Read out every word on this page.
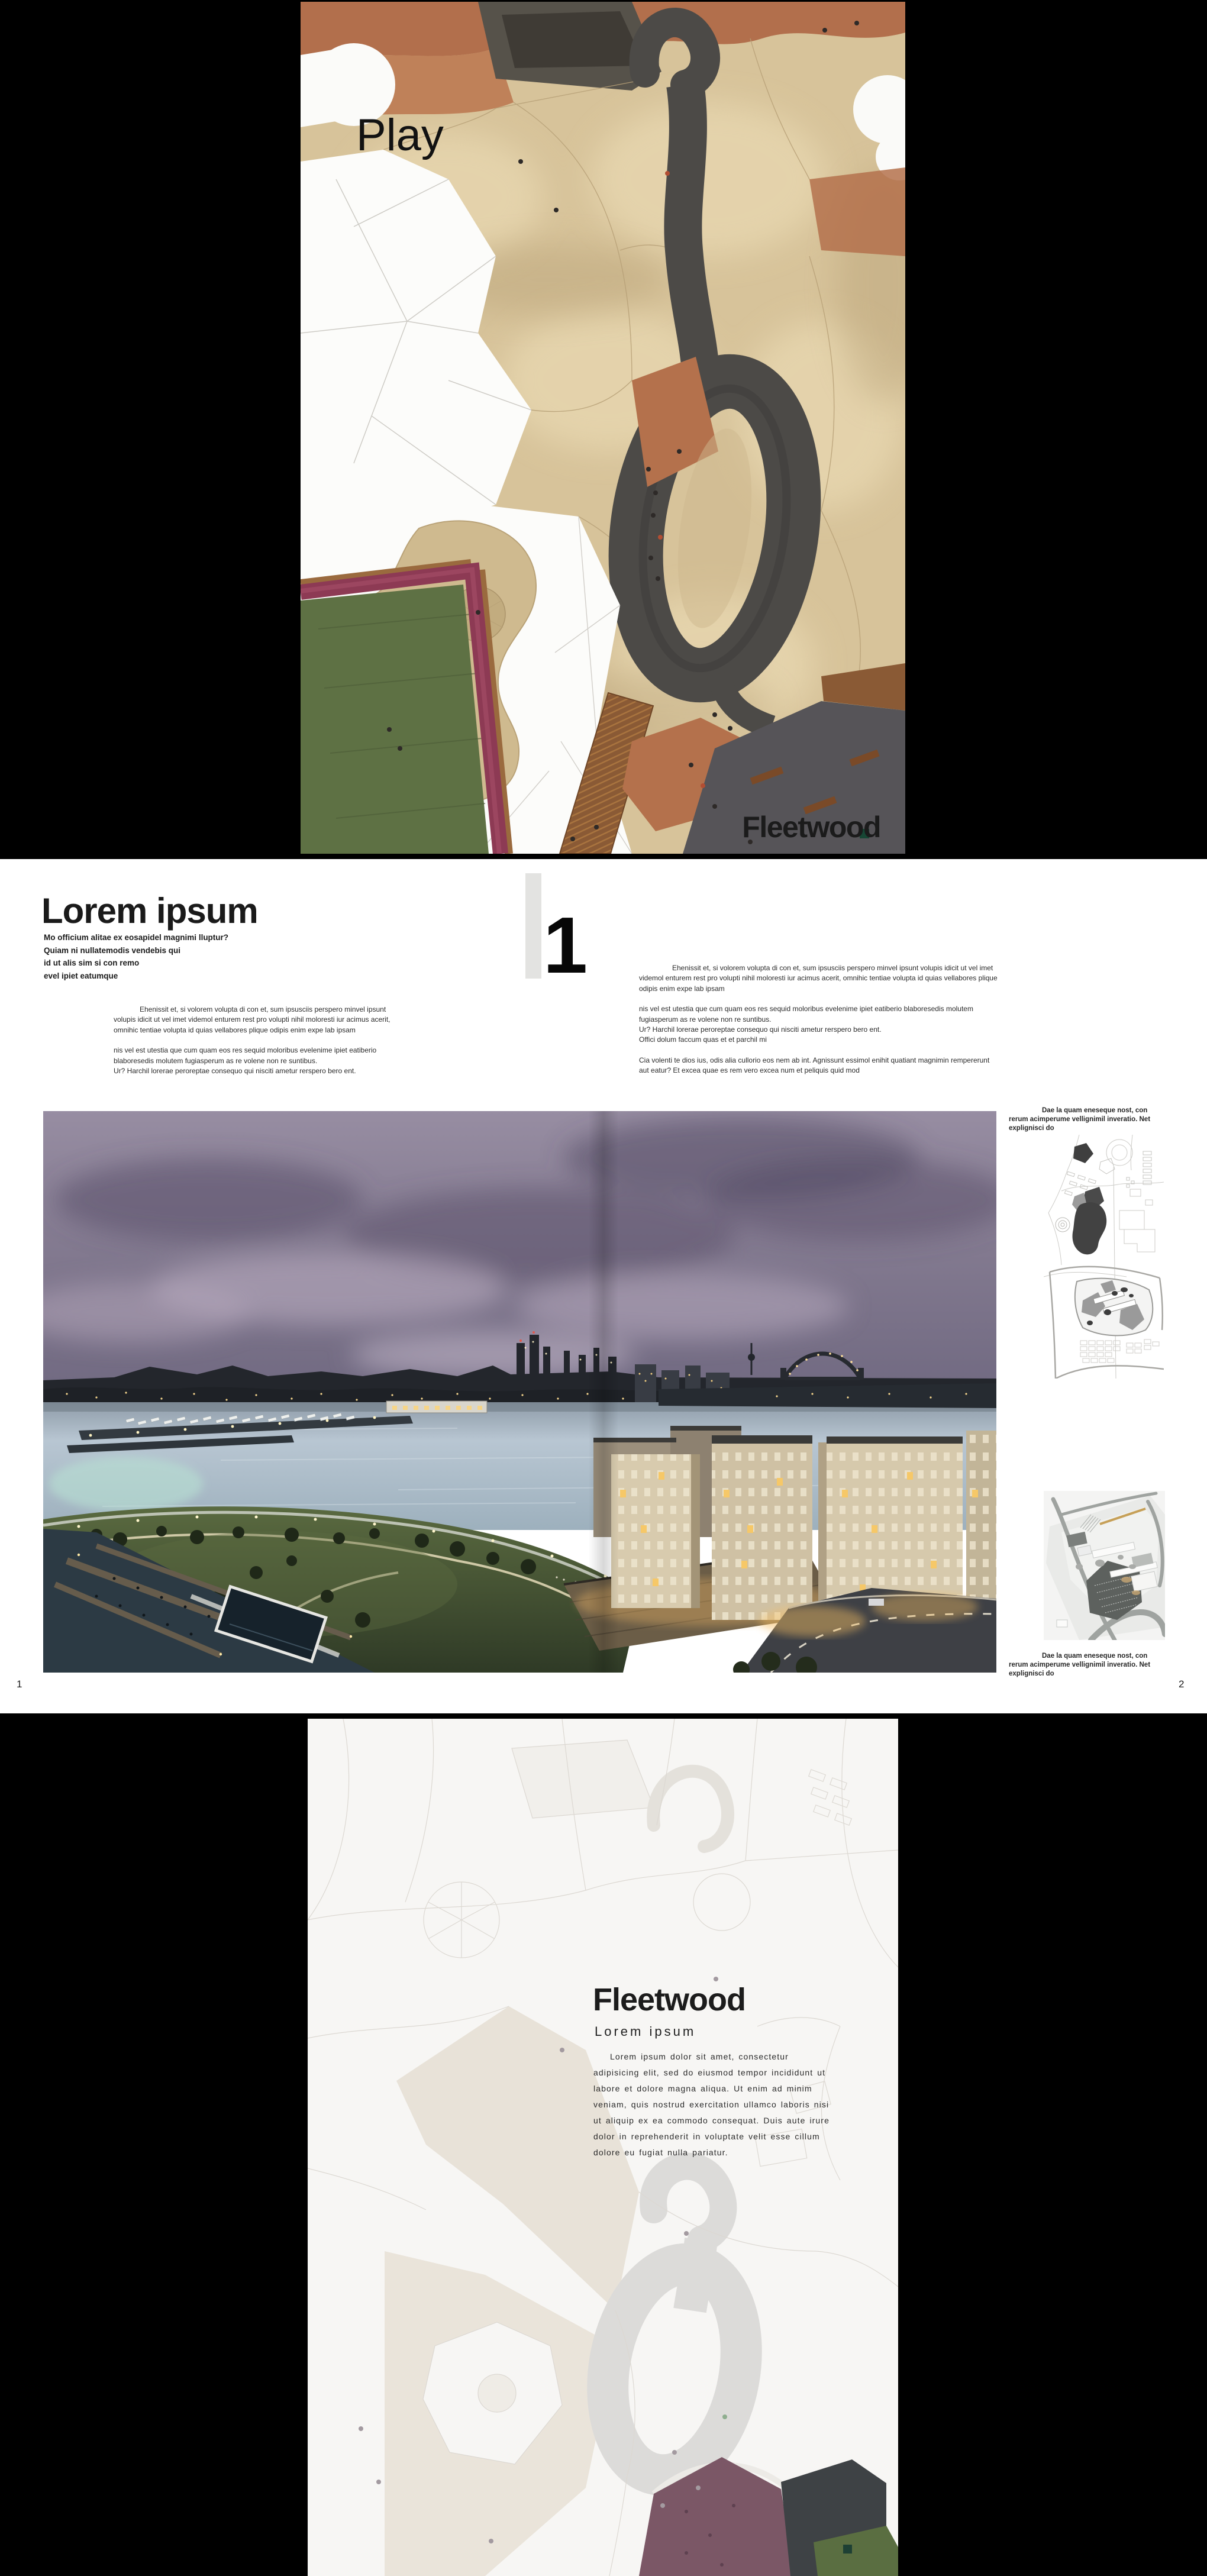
Play
Fleetwood
Lorem ipsum
Mo officium alitae ex eosapidel magnimi lluptur?
Quiam ni nullatemodis vendebis qui
id ut alis sim si con remo
evel ipiet eatumque
Ehenissit et, si volorem volupta di con et, sum ipsusciis perspero minvel ipsunt volupis idicit ut vel imet videmol enturem rest pro volupti nihil moloresti iur acimus acerit, omnihic tentiae volupta id quias vellabores plique odipis enim expe lab ipsam
nis vel est utestia que cum quam eos res sequid moloribus evelenime ipiet eatiberio blaboresedis molutem fugiasperum as re volene non re suntibus.
Ur? Harchil lorerae peroreptae consequo qui nisciti ametur rerspero bero ent.
1	Ehenissit et, si volorem volupta di con et, sum ipsusciis perspero minvel ipsunt volupis idicit ut vel imet videmol enturem rest pro volupti nihil moloresti iur acimus acerit, omnihic tentiae volupta id quias vellabores plique odipis enim expe lab ipsam
nis vel est utestia que cum quam eos res sequid moloribus evelenime ipiet eatiberio blaboresedis molutem fugiasperum as re volene non re suntibus.
Ur? Harchil lorerae peroreptae consequo qui nisciti ametur rerspero bero ent.
Offici dolum faccum quas et et parchil mi
Cia volenti te dios ius, odis alia cullorio eos nem ab int. Agnissunt essimol enihit quatiant magnimin rempererunt aut eatur? Et excea quae es rem vero excea num et peliquis quid mod
Dae la quam eneseque nost, con rerum acimperume vellignimil inveratio. Net explignisci do
Dae la quam eneseque nost, con rerum acimperume vellignimil inveratio. Net explignisci do
1	2
Fleetwood
Lorem ipsum
Lorem ipsum dolor sit amet, consectetur adipisicing elit, sed do eiusmod tempor incididunt ut labore et dolore magna aliqua. Ut enim ad minim veniam, quis nostrud exercitation ullamco laboris nisi ut aliquip ex ea commodo consequat. Duis aute irure dolor in reprehenderit in voluptate velit esse cillum dolore eu fugiat nulla pariatur.
